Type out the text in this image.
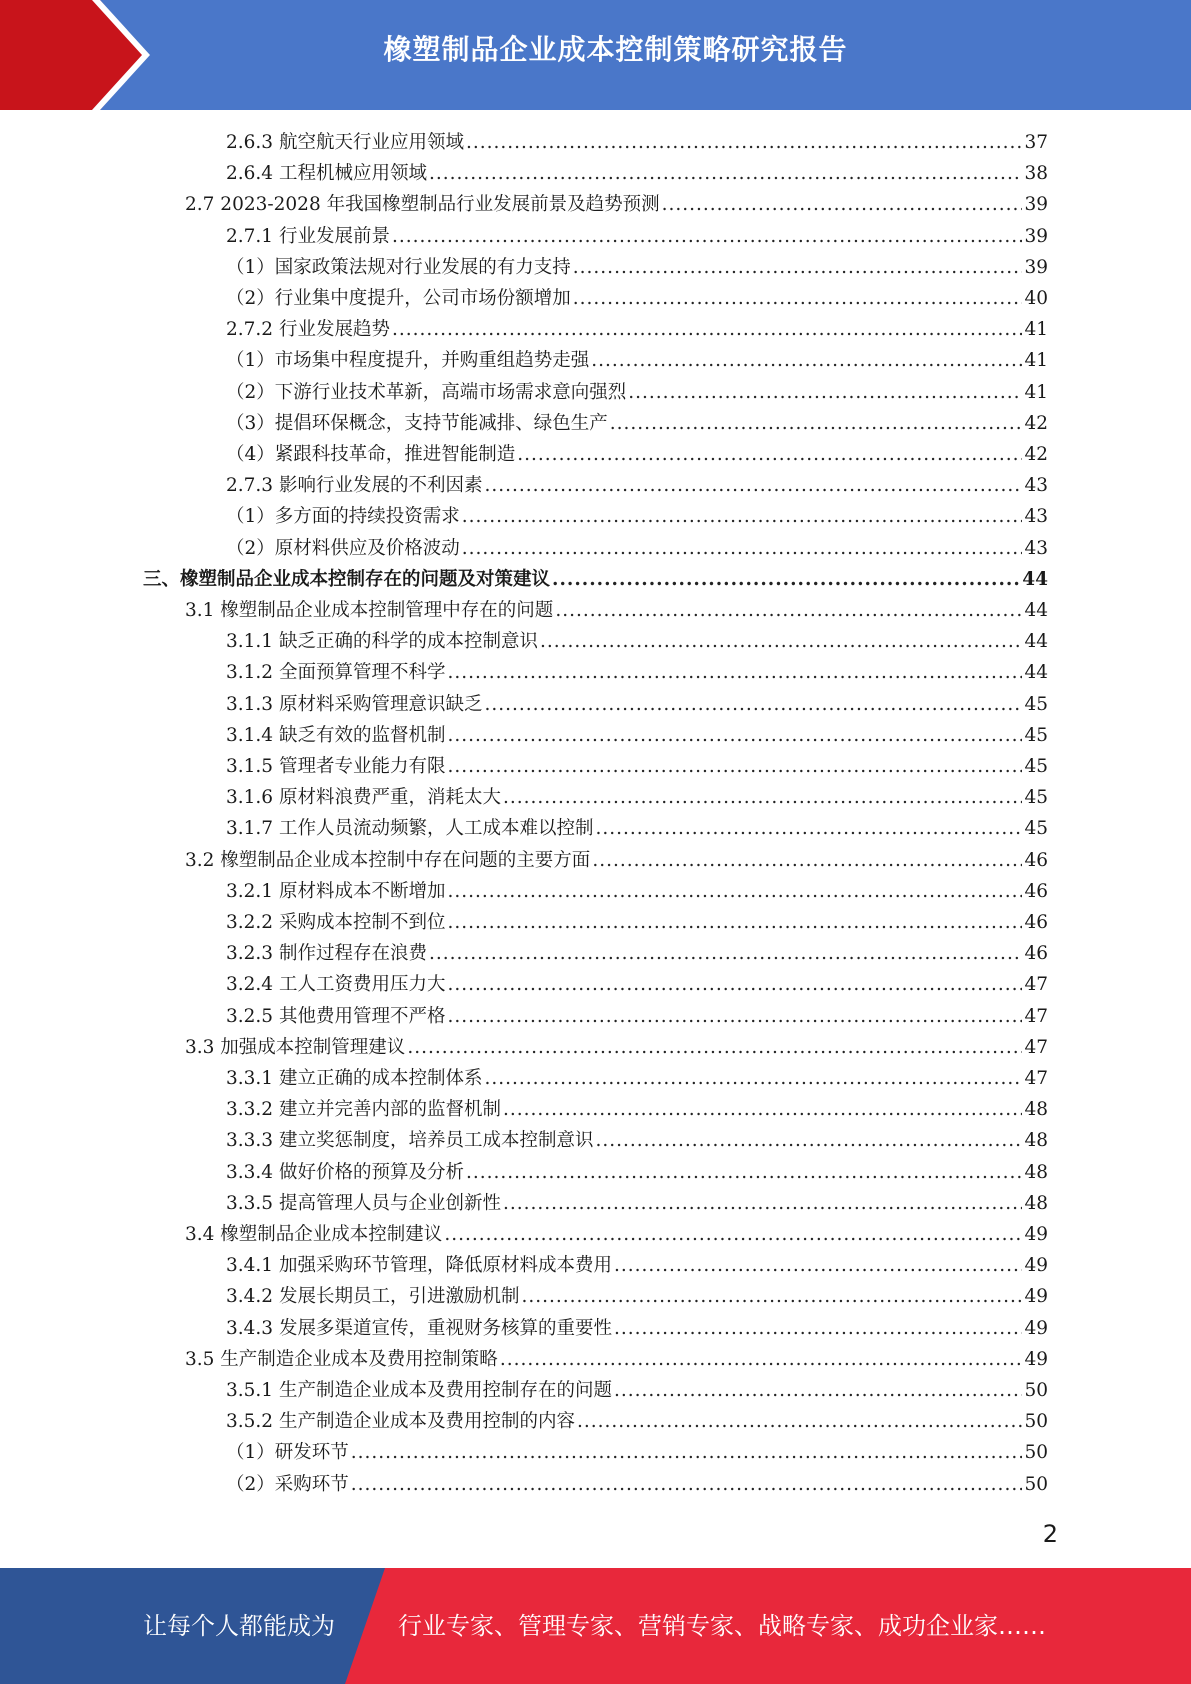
橡塑制品企业成本控制策略研究报告
2.6.3 航空航天行业应用领域 .....	37
2.6.4 工程机械应用领域 .....	38
2.7 2023-2028 年我国橡塑制品行业发展前景及趋势预测 .....	39
2.7.1 行业发展前景 .....	39
（1）国家政策法规对行业发展的有力支持 .....	39
（2）行业集中度提升，公司市场份额增加 .....	40
2.7.2 行业发展趋势 .....	41
（1）市场集中程度提升，并购重组趋势走强 .....	41
（2）下游行业技术革新，高端市场需求意向强烈 .....	41
（3）提倡环保概念，支持节能减排、绿色生产 .....	42
（4）紧跟科技革命，推进智能制造 .....	42
2.7.3 影响行业发展的不利因素 .....	43
（1）多方面的持续投资需求 .....	43
（2）原材料供应及价格波动 .....	43
三、橡塑制品企业成本控制存在的问题及对策建议 .....	44
3.1 橡塑制品企业成本控制管理中存在的问题 .....	44
3.1.1 缺乏正确的科学的成本控制意识 .....	44
3.1.2 全面预算管理不科学 .....	44
3.1.3 原材料采购管理意识缺乏 .....	45
3.1.4 缺乏有效的监督机制 .....	45
3.1.5 管理者专业能力有限 .....	45
3.1.6 原材料浪费严重，消耗太大 .....	45
3.1.7 工作人员流动频繁，人工成本难以控制 .....	45
3.2 橡塑制品企业成本控制中存在问题的主要方面 .....	46
3.2.1 原材料成本不断增加 .....	46
3.2.2 采购成本控制不到位 .....	46
3.2.3 制作过程存在浪费 .....	46
3.2.4 工人工资费用压力大 .....	47
3.2.5 其他费用管理不严格 .....	47
3.3 加强成本控制管理建议 .....	47
3.3.1 建立正确的成本控制体系 .....	47
3.3.2 建立并完善内部的监督机制 .....	48
3.3.3 建立奖惩制度，培养员工成本控制意识 .....	48
3.3.4 做好价格的预算及分析 .....	48
3.3.5 提高管理人员与企业创新性 .....	48
3.4 橡塑制品企业成本控制建议 .....	49
3.4.1 加强采购环节管理，降低原材料成本费用 .....	49
3.4.2 发展长期员工，引进激励机制 .....	49
3.4.3 发展多渠道宣传，重视财务核算的重要性 .....	49
3.5 生产制造企业成本及费用控制策略 .....	49
3.5.1 生产制造企业成本及费用控制存在的问题 .....	50
3.5.2 生产制造企业成本及费用控制的内容 .....	50
（1）研发环节 .....	50
（2）采购环节 .....	50
2
让每个人都能成为	行业专家、管理专家、营销专家、战略专家、成功企业家……
